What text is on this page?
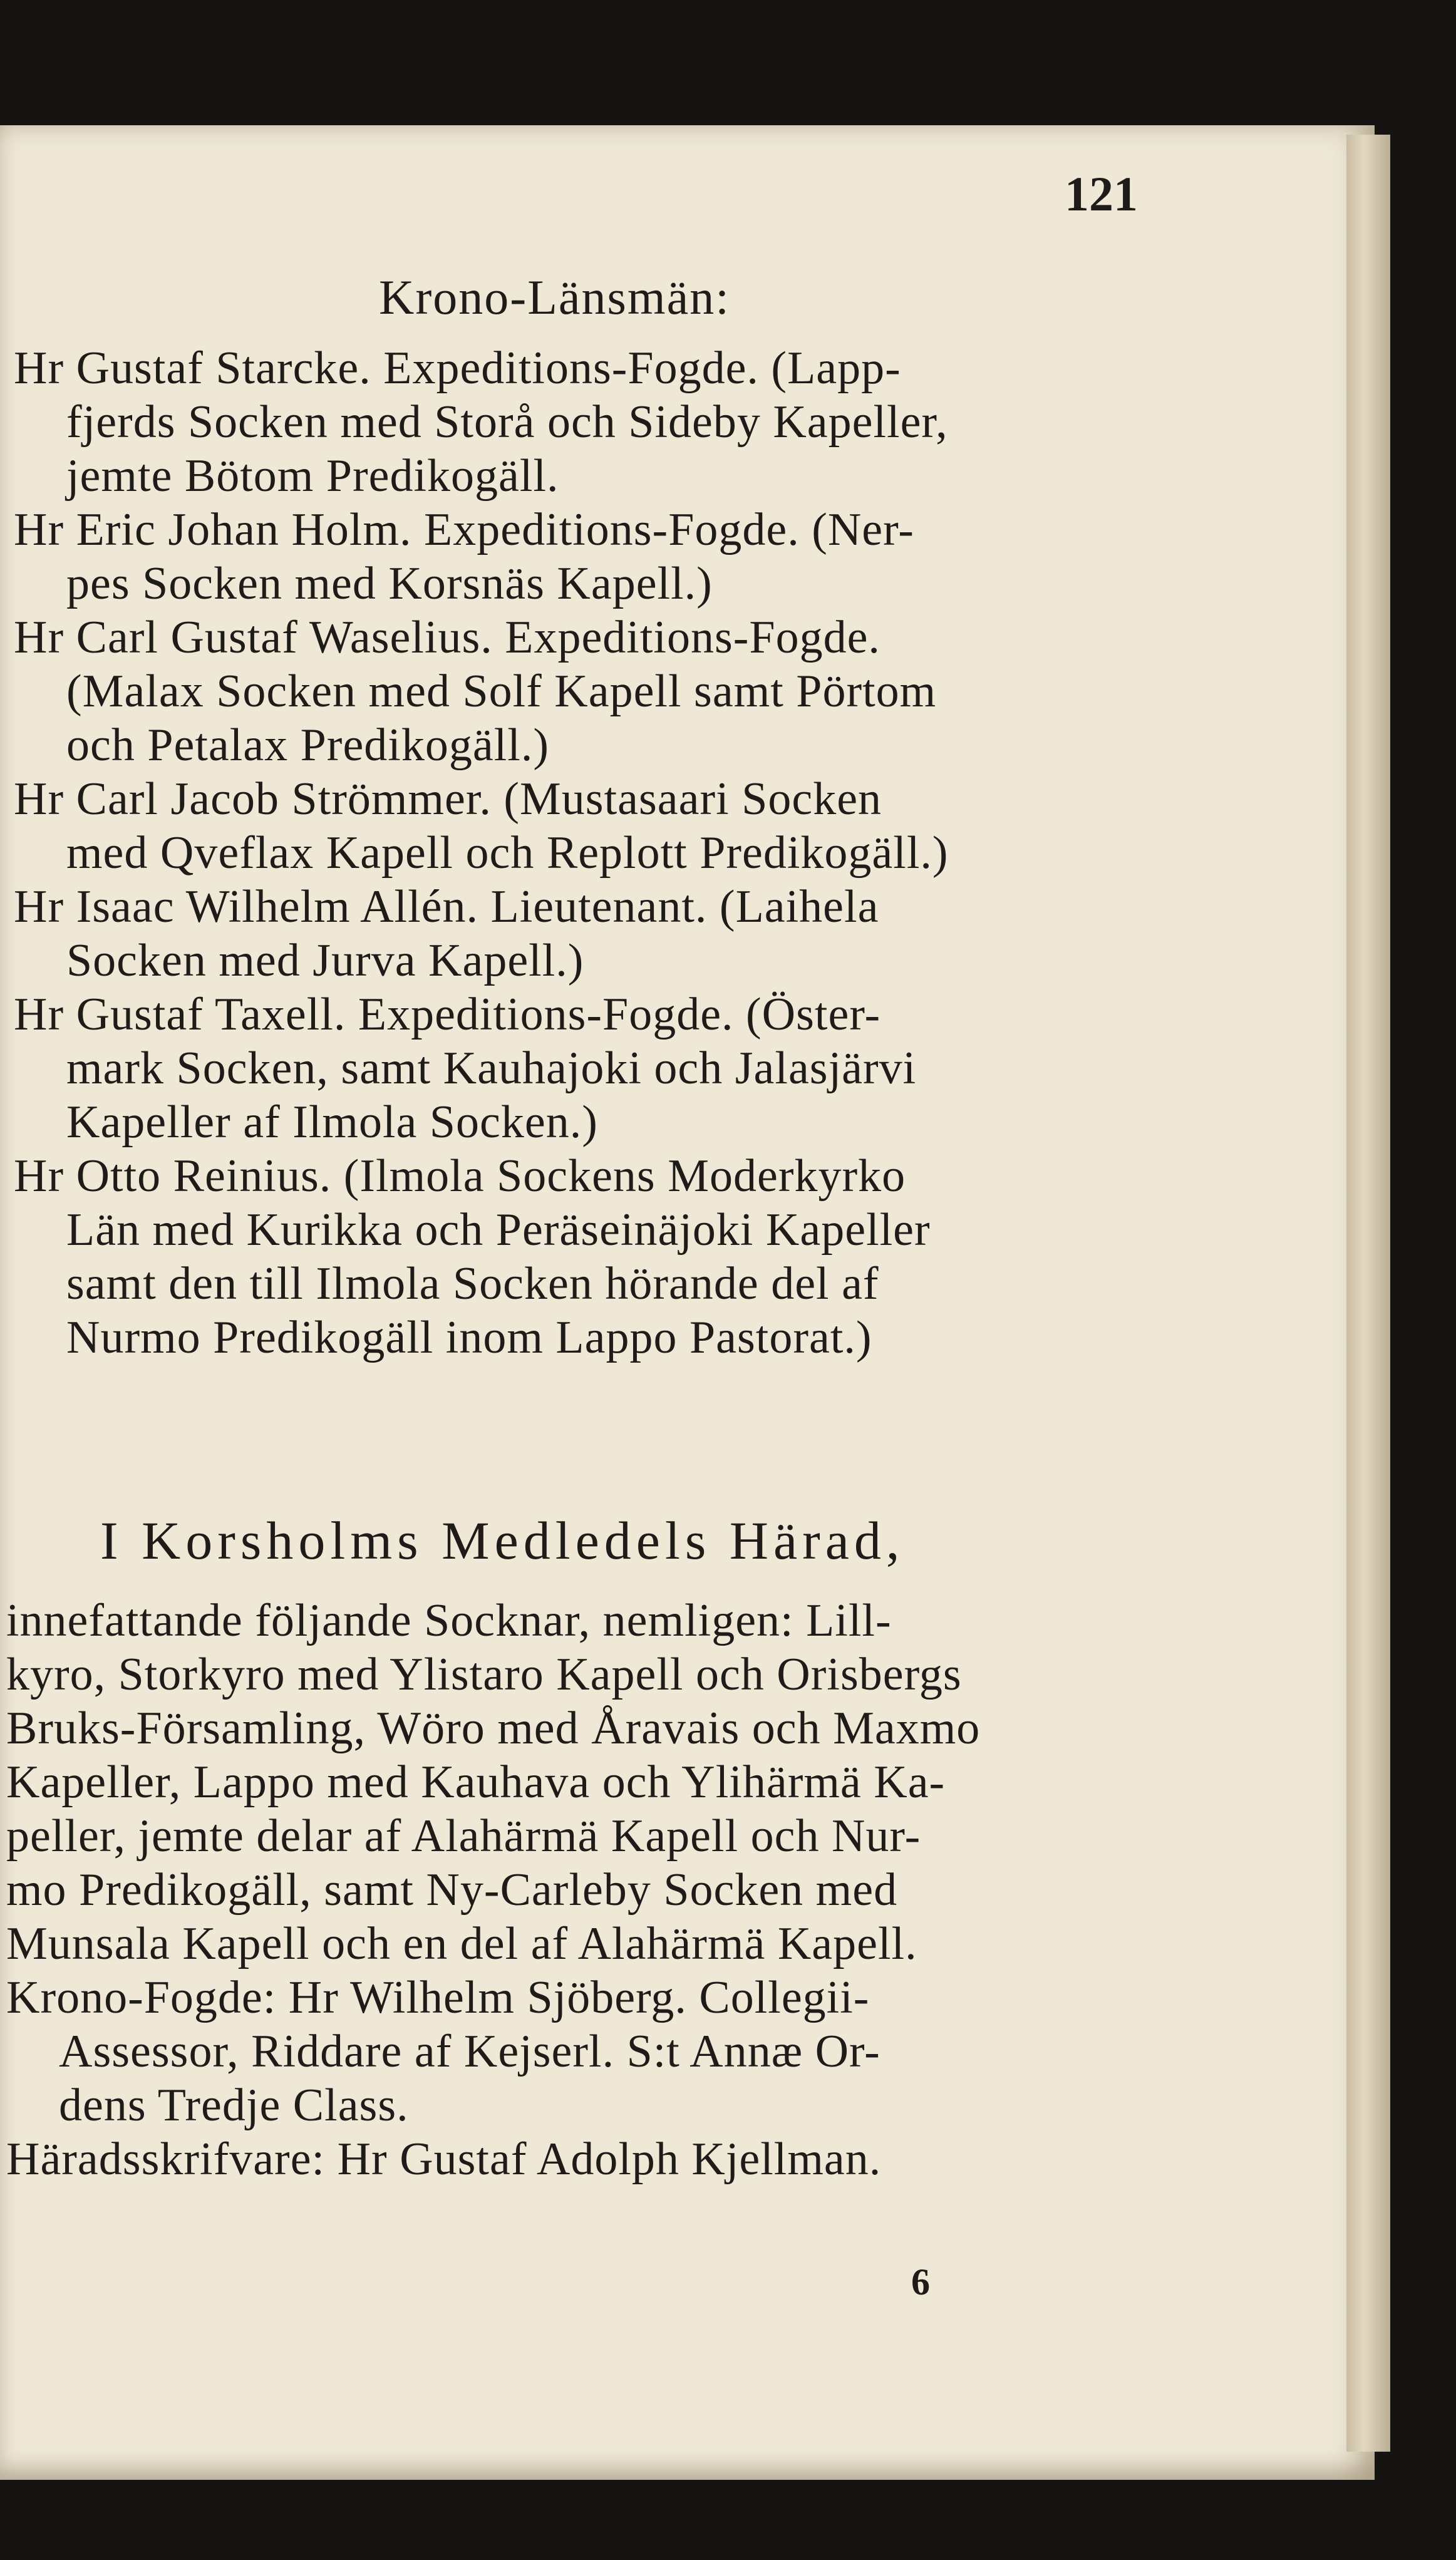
121
Krono-Länsmän:
Hr Gustaf Starcke. Expeditions-Fogde. (Lapp-
fjerds Socken med Storå och Sideby Kapeller,
jemte Bötom Predikogäll.
Hr Eric Johan Holm. Expeditions-Fogde. (Ner-
pes Socken med Korsnäs Kapell.)
Hr Carl Gustaf Waselius. Expeditions-Fogde.
(Malax Socken med Solf Kapell samt Pörtom
och Petalax Predikogäll.)
Hr Carl Jacob Strömmer. (Mustasaari Socken
med Qveflax Kapell och Replott Predikogäll.)
Hr Isaac Wilhelm Allén. Lieutenant. (Laihela
Socken med Jurva Kapell.)
Hr Gustaf Taxell. Expeditions-Fogde. (Öster-
mark Socken, samt Kauhajoki och Jalasjärvi
Kapeller af Ilmola Socken.)
Hr Otto Reinius. (Ilmola Sockens Moderkyrko
Län med Kurikka och Peräseinäjoki Kapeller
samt den till Ilmola Socken hörande del af
Nurmo Predikogäll inom Lappo Pastorat.)
I Korsholms Medledels Härad,
innefattande följande Socknar, nemligen: Lill-
kyro, Storkyro med Ylistaro Kapell och Orisbergs
Bruks-Församling, Wöro med Åravais och Maxmo
Kapeller, Lappo med Kauhava och Ylihärmä Ka-
peller, jemte delar af Alahärmä Kapell och Nur-
mo Predikogäll, samt Ny-Carleby Socken med
Munsala Kapell och en del af Alahärmä Kapell.
Krono-Fogde: Hr Wilhelm Sjöberg. Collegii-
Assessor, Riddare af Kejserl. S:t Annæ Or-
dens Tredje Class.
Häradsskrifvare: Hr Gustaf Adolph Kjellman.
6
